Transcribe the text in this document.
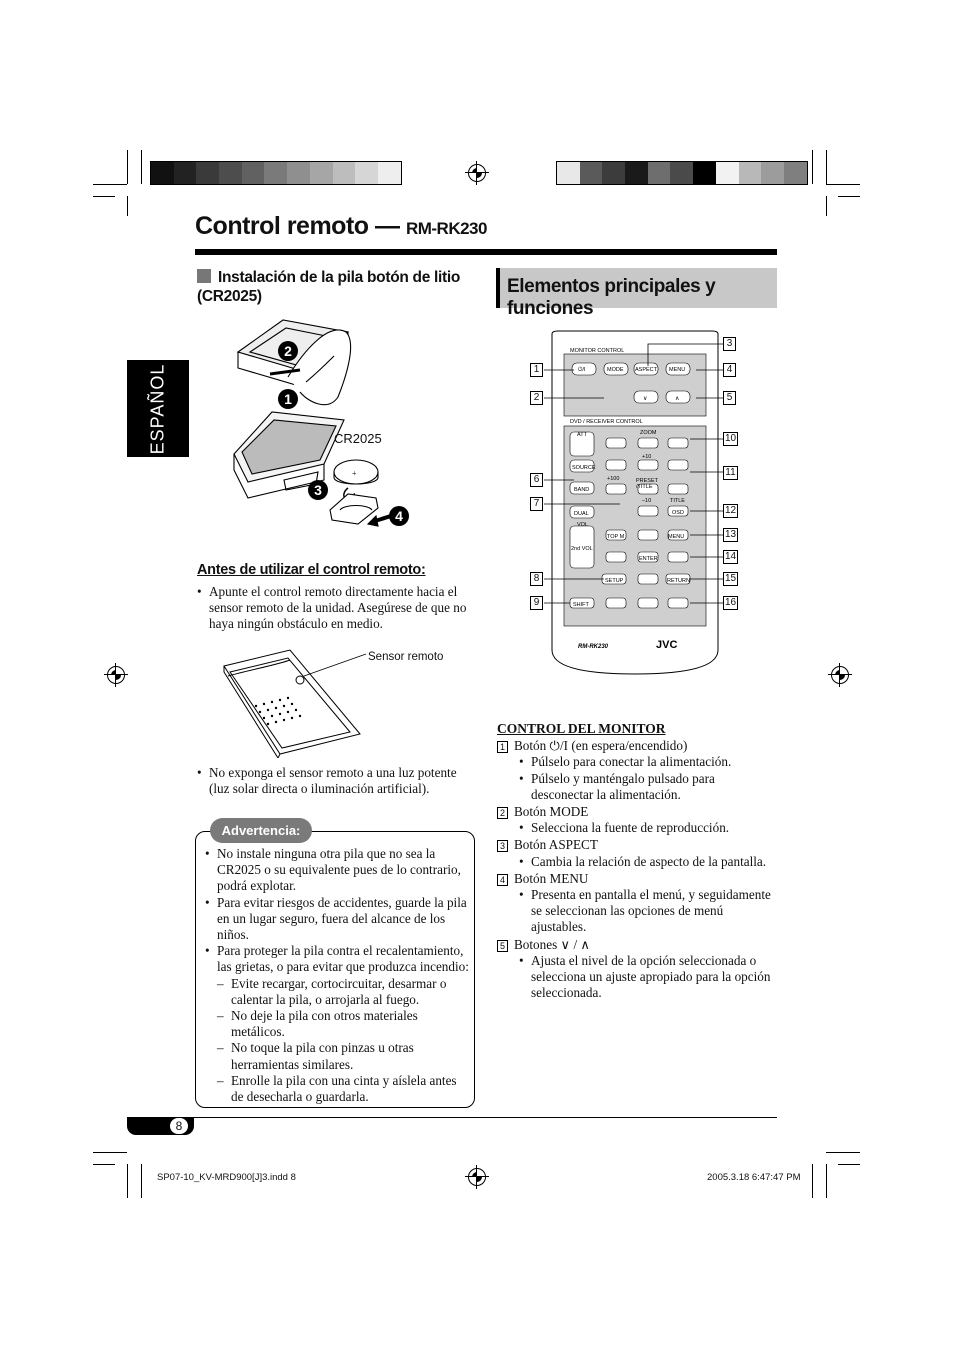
Control remoto — RM-RK230
ESPAÑOL
Instalación de la pila botón de litio (CR2025)
+
2
1
3
4
CR2025
Antes de utilizar el control remoto:
• Apunte el control remoto directamente hacia el sensor remoto de la unidad. Asegúrese de que no haya ningún obstáculo en medio.
Sensor remoto
• No exponga el sensor remoto a una luz potente (luz solar directa o iluminación artificial).
Advertencia:
• No instale ninguna otra pila que no sea la CR2025 o su equivalente pues de lo contrario, podrá explotar.
• Para evitar riesgos de accidentes, guarde la pila en un lugar seguro, fuera del alcance de los niños.
• Para proteger la pila contra el recalentamiento, las grietas, o para evitar que produzca incendio:
– Evite recargar, cortocircuitar, desarmar o calentar la pila, o arrojarla al fuego.
– No deje la pila con otros materiales metálicos.
– No toque la pila con pinzas u otras herramientas similares.
– Enrolle la pila con una cinta y aíslela antes de desecharla o guardarla.
Elementos principales y funciones
MONITOR CONTROL
DVD / RECEIVER CONTROL
⏻/I	MODE ASPECT MENU
∨	∧
ATT
SOURCE
BAND
DUAL
VOL
2nd VOL
ZOOM
+10
+100	PRESET
/TITLE
–10	TITLE
OSD
TOP M	MENU
ENTER
SETUP	RETURN
SHIFT
RM-RK230	JVC
1
2
6
7
8
9
3
4
5
10
11
12
13
14
15
16
CONTROL DEL MONITOR
1 Botón ⏻/I (en espera/encendido)
• Púlselo para conectar la alimentación.
• Púlselo y manténgalo pulsado para desconectar la alimentación.
2 Botón MODE
• Selecciona la fuente de reproducción.
3 Botón ASPECT
• Cambia la relación de aspecto de la pantalla.
4 Botón MENU
• Presenta en pantalla el menú, y seguidamente se seleccionan las opciones de menú ajustables.
5 Botones ∨ / ∧
• Ajusta el nivel de la opción seleccionada o selecciona un ajuste apropiado para la opción seleccionada.
8
SP07-10_KV-MRD900[J]3.indd 8	2005.3.18 6:47:47 PM
